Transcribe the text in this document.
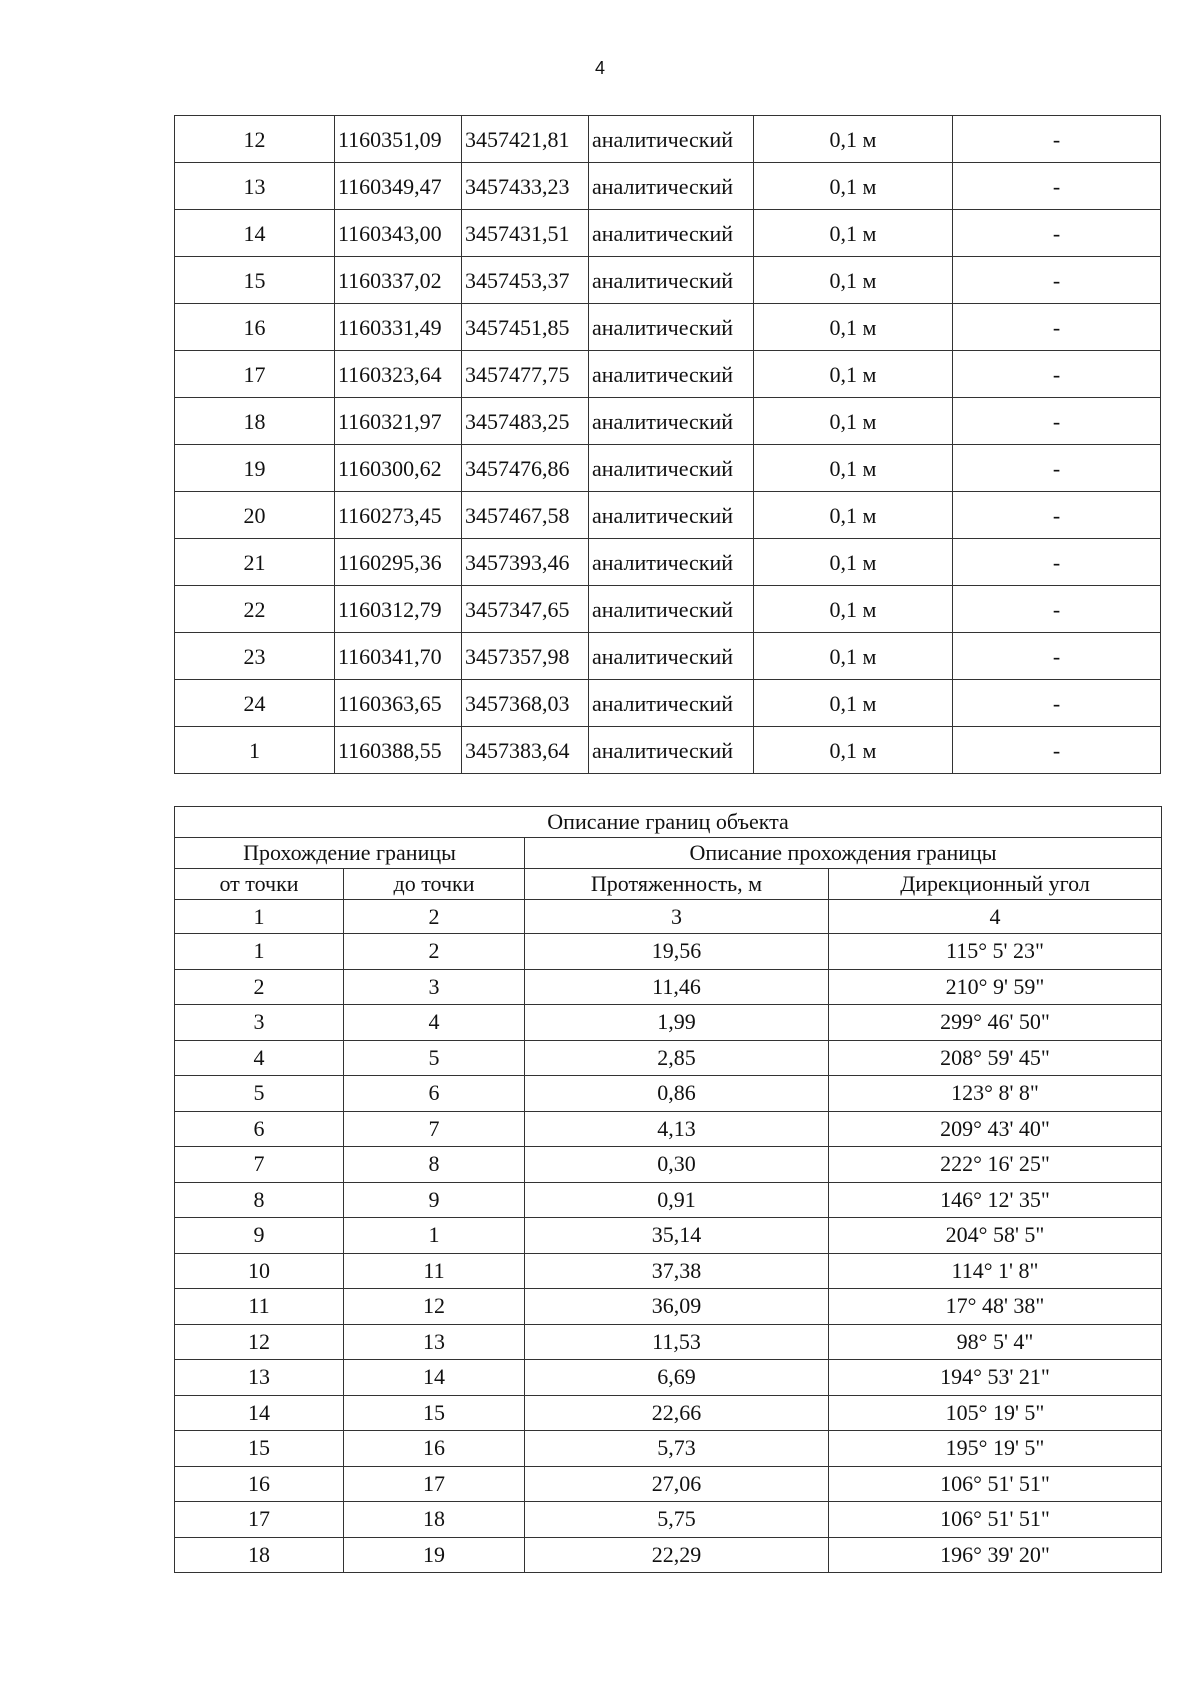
4
12	1160351,09	3457421,81	аналитический	0,1 м	-
13	1160349,47	3457433,23	аналитический	0,1 м	-
14	1160343,00	3457431,51	аналитический	0,1 м	-
15	1160337,02	3457453,37	аналитический	0,1 м	-
16	1160331,49	3457451,85	аналитический	0,1 м	-
17	1160323,64	3457477,75	аналитический	0,1 м	-
18	1160321,97	3457483,25	аналитический	0,1 м	-
19	1160300,62	3457476,86	аналитический	0,1 м	-
20	1160273,45	3457467,58	аналитический	0,1 м	-
21	1160295,36	3457393,46	аналитический	0,1 м	-
22	1160312,79	3457347,65	аналитический	0,1 м	-
23	1160341,70	3457357,98	аналитический	0,1 м	-
24	1160363,65	3457368,03	аналитический	0,1 м	-
1	1160388,55	3457383,64	аналитический	0,1 м	-
Описание границ объекта			
Прохождение границы		Описание прохождения границы	
от точки	до точки	Протяженность, м	Дирекционный угол
1	2	3	4
1	2	19,56	115° 5' 23"
2	3	11,46	210° 9' 59"
3	4	1,99	299° 46' 50"
4	5	2,85	208° 59' 45"
5	6	0,86	123° 8' 8"
6	7	4,13	209° 43' 40"
7	8	0,30	222° 16' 25"
8	9	0,91	146° 12' 35"
9	1	35,14	204° 58' 5"
10	11	37,38	114° 1' 8"
11	12	36,09	17° 48' 38"
12	13	11,53	98° 5' 4"
13	14	6,69	194° 53' 21"
14	15	22,66	105° 19' 5"
15	16	5,73	195° 19' 5"
16	17	27,06	106° 51' 51"
17	18	5,75	106° 51' 51"
18	19	22,29	196° 39' 20"
